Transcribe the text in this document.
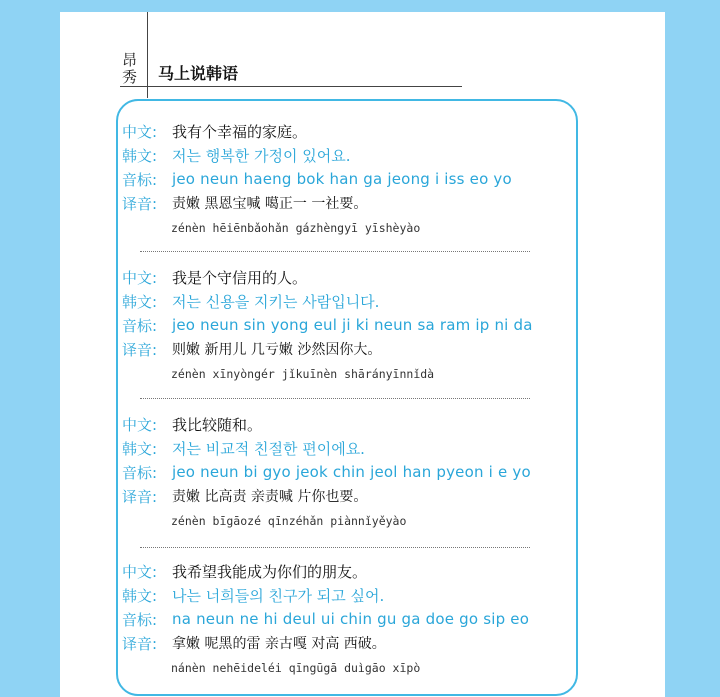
昂
秀	马上说韩语
中文: 我有个幸福的家庭。
韩文: 저는 행복한 가정이 있어요.
音标: jeo neun haeng bok han ga jeong i iss eo yo
译音:	责嫩 黑恩宝喊 噶正一 一社要。
zénèn hēiēnbǎohǎn gázhèngyī yīshèyào
中文: 我是个守信用的人。
韩文: 저는 신용을 지키는 사람입니다.
音标: jeo neun sin yong eul ji ki neun sa ram ip ni da
译音:	则嫩 新用儿 几亏嫩 沙然因你大。
zénèn xīnyòngér jǐkuīnèn shārányīnnǐdà
中文: 我比较随和。
韩文: 저는 비교적 친절한 편이에요.
音标: jeo neun bi gyo jeok chin jeol han pyeon i e yo
译音:	责嫩 比高责 亲责喊 片你也要。
zénèn bīgāozé qīnzéhǎn piànnǐyěyào
中文: 我希望我能成为你们的朋友。
韩文: 나는 너희들의 친구가 되고 싶어.
音标: na neun ne hi deul ui chin gu ga doe go sip eo
译音:	拿嫩 呢黑的雷 亲古嘎 对高 西破。
nánèn nehēideléi qīngūgā duìgāo xīpò
